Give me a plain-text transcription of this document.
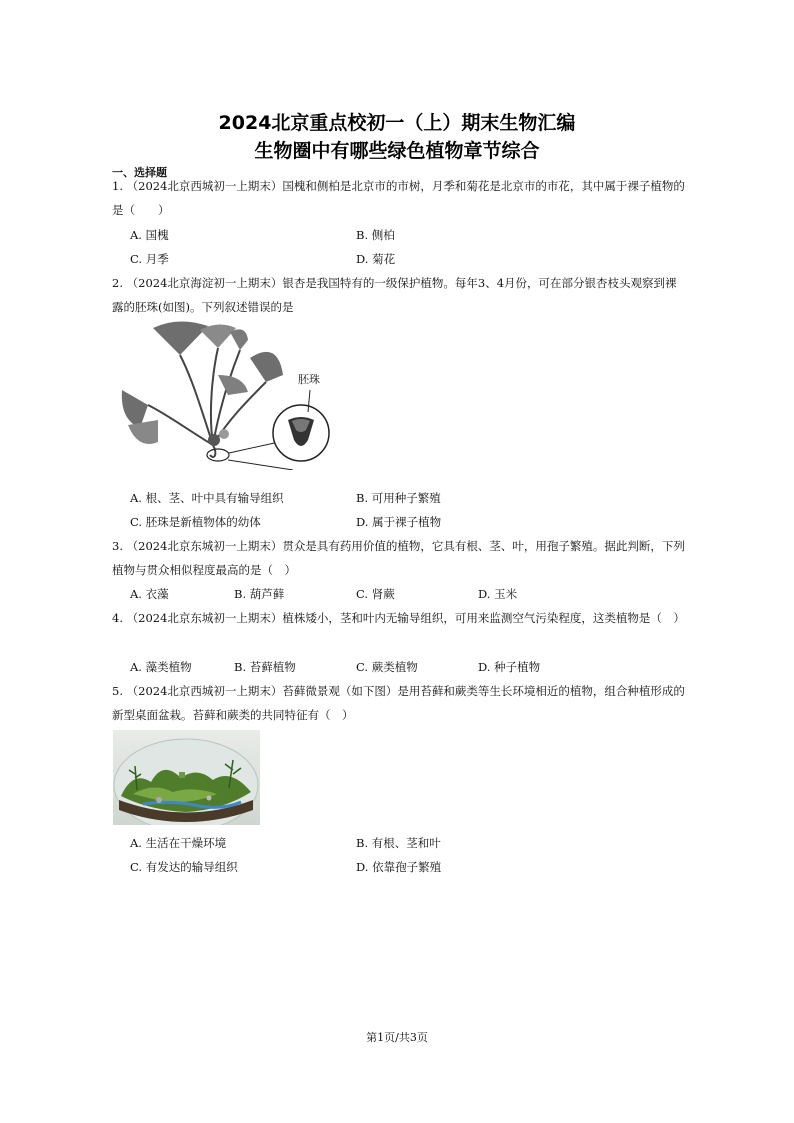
2024北京重点校初一（上）期末生物汇编
生物圈中有哪些绿色植物章节综合
一、选择题
1. （2024北京西城初一上期末）国槐和侧柏是北京市的市树，月季和菊花是北京市的市花，其中属于裸子植物的是（　　）
A. 国槐	B. 侧柏
C. 月季	D. 菊花
2. （2024北京海淀初一上期末）银杏是我国特有的一级保护植物。每年3、4月份，可在部分银杏枝头观察到裸露的胚珠(如图)。下列叙述错误的是
胚珠
A. 根、茎、叶中具有输导组织	B. 可用种子繁殖
C. 胚珠是新植物体的幼体	D. 属于裸子植物
3. （2024北京东城初一上期末）贯众是具有药用价值的植物，它具有根、茎、叶，用孢子繁殖。据此判断，下列植物与贯众相似程度最高的是（　）
A. 衣藻	B. 葫芦藓	C. 肾蕨	D. 玉米
4. （2024北京东城初一上期末）植株矮小，茎和叶内无输导组织，可用来监测空气污染程度，这类植物是（　）
A. 藻类植物	B. 苔藓植物	C. 蕨类植物	D. 种子植物
5. （2024北京西城初一上期末）苔藓微景观（如下图）是用苔藓和蕨类等生长环境相近的植物，组合种植形成的新型桌面盆栽。苔藓和蕨类的共同特征有（　）
A. 生活在干燥环境	B. 有根、茎和叶
C. 有发达的输导组织	D. 依靠孢子繁殖
第1页/共3页
